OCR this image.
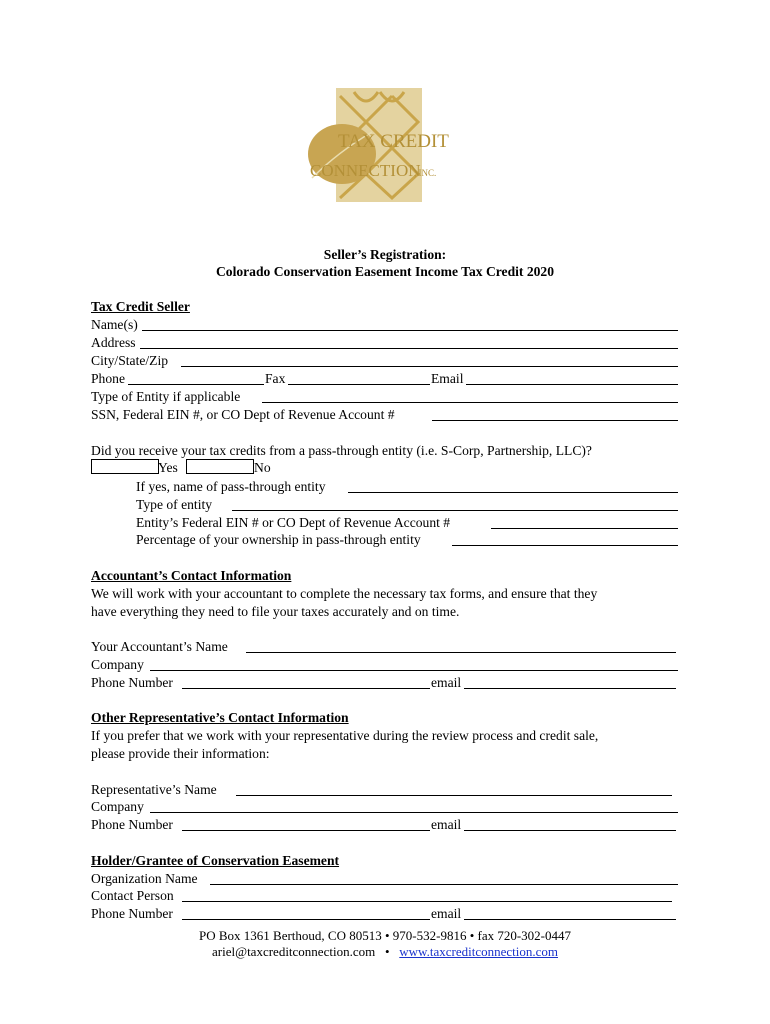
TAX CREDIT
CONNECTION
, INC.
Seller’s Registration:
Colorado Conservation Easement Income Tax Credit 2020
Tax Credit Seller
Name(s)
Address
City/State/Zip
Phone	Fax	Email
Type of Entity if applicable
SSN, Federal EIN #, or CO Dept of Revenue Account #
Did you receive your tax credits from a pass-through entity (i.e. S-Corp, Partnership, LLC)?
Yes	No
If yes, name of pass-through entity
Type of entity
Entity’s Federal EIN # or CO Dept of Revenue Account #
Percentage of your ownership in pass-through entity
Accountant’s Contact Information
We will work with your accountant to complete the necessary tax forms, and ensure that they
have everything they need to file your taxes accurately and on time.
Your Accountant’s Name
Company
Phone Number	email
Other Representative’s Contact Information
If you prefer that we work with your representative during the review process and credit sale,
please provide their information:
Representative’s Name
Company
Phone Number	email
Holder/Grantee of Conservation Easement
Organization Name
Contact Person
Phone Number	email
PO Box 1361 Berthoud, CO 80513 • 970-532-9816 • fax 720-302-0447
ariel@taxcreditconnection.com • www.taxcreditconnection.com
